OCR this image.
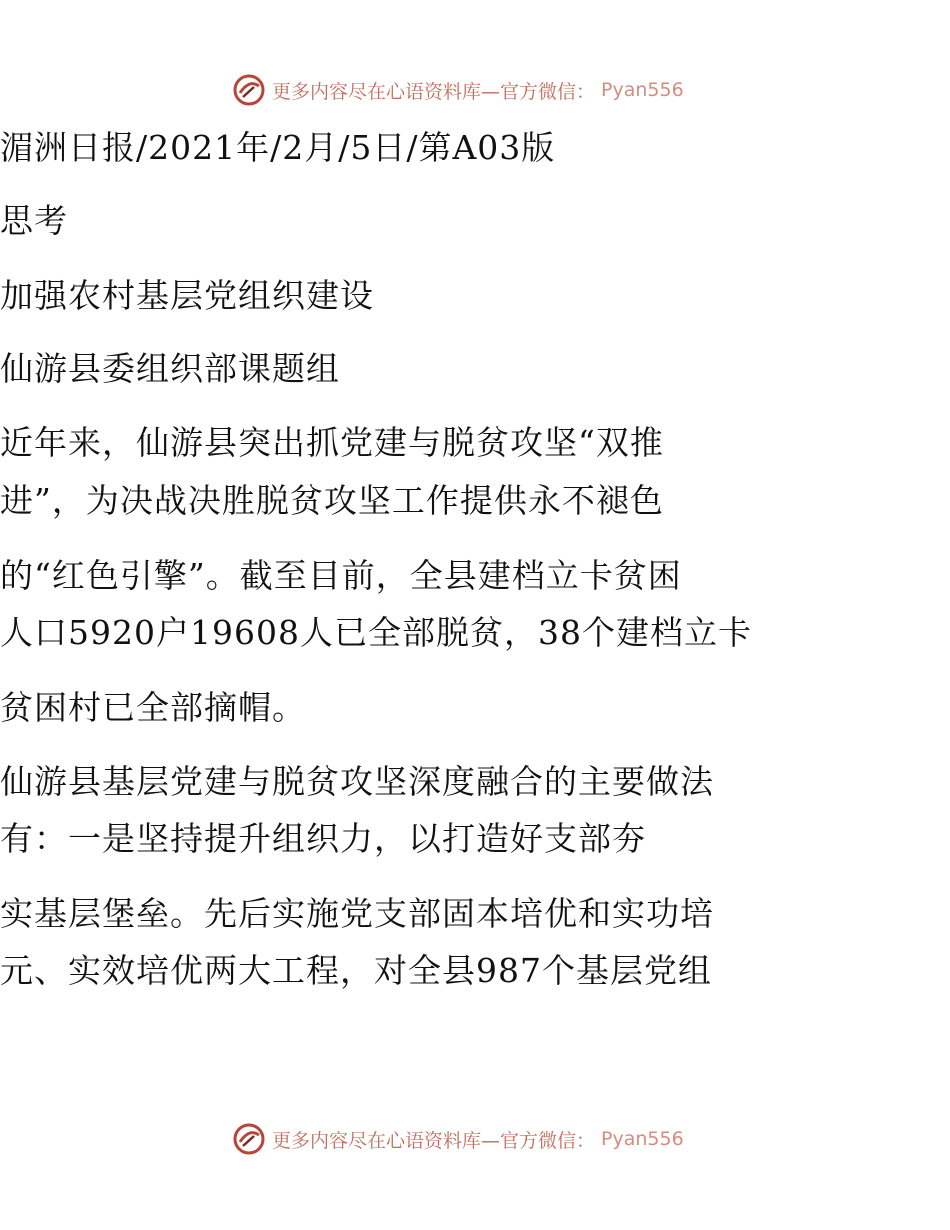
更多内容尽在心语资料库—官方微信： Pyan556
湄洲日报/2021年/2月/5日/第A03版
思考
加强农村基层党组织建设
仙游县委组织部课题组
近年来，仙游县突出抓党建与脱贫攻坚“双推
进”，为决战决胜脱贫攻坚工作提供永不褪色
的“红色引擎”。截至目前，全县建档立卡贫困
人口5920户19608人已全部脱贫，38个建档立卡
贫困村已全部摘帽。
仙游县基层党建与脱贫攻坚深度融合的主要做法
有：一是坚持提升组织力，以打造好支部夯
实基层堡垒。先后实施党支部固本培优和实功培
元、实效培优两大工程，对全县987个基层党组
更多内容尽在心语资料库—官方微信： Pyan556
